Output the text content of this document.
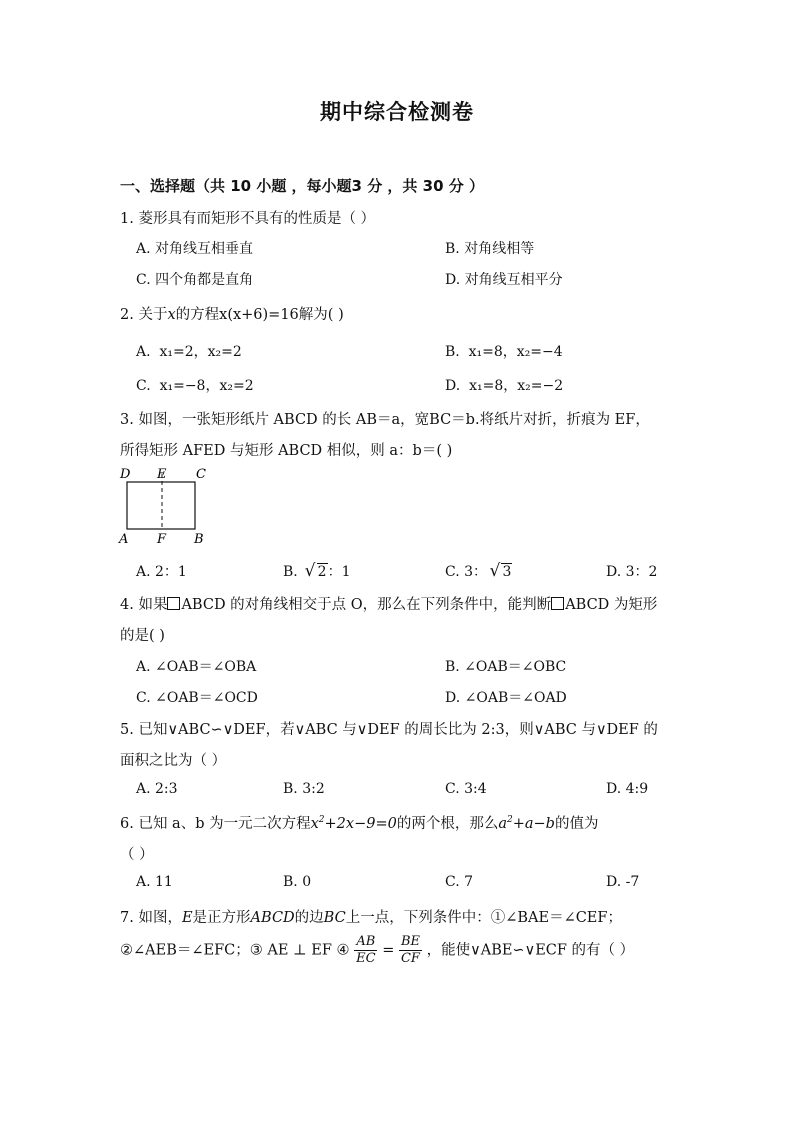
期中综合检测卷
一、选择题（共 10 小题 ，每小题3 分 ，共 30 分 ）
1. 菱形具有而矩形不具有的性质是（ ）
A. 对角线互相垂直	B. 对角线相等
C. 四个角都是直角	D. 对角线互相平分
2. 关于x的方程x(x+6)=16解为( )
A. x₁=2，x₂=2	B. x₁=8，x₂=−4
C. x₁=−8，x₂=2	D. x₁=8，x₂=−2
3. 如图，一张矩形纸片 ABCD 的长 AB＝a，宽BC＝b.将纸片对折，折痕为 EF，
所得矩形 AFED 与矩形 ABCD 相似，则 a：b＝( )
D E C
A F B
A. 2：1	B. √ 2：1	C. 3： √ 3	D. 3：2
4. 如果 ABCD 的对角线相交于点 O，那么在下列条件中，能判断 ABCD 为矩形
的是( )
A. ∠OAB＝∠OBA	B. ∠OAB＝∠OBC
C. ∠OAB＝∠OCD	D. ∠OAB＝∠OAD
5. 已知∨ABC∽∨DEF，若∨ABC 与∨DEF 的周长比为 2:3，则∨ABC 与∨DEF 的
面积之比为（ ）
A. 2:3	B. 3:2	C. 3:4	D. 4:9
6. 已知 a、b 为一元二次方程$x^2+2x-9=0$的两个根，那么$a^2+a-b$的值为
（ ）
A. 11	B. 0	C. 7	D. -7
7. 如图，E是正方形ABCD的边BC上一点，下列条件中：①∠BAE＝∠CEF；
②∠AEB＝∠EFC；③ AE ⊥ EF ④ $\frac{AB}{EC} = \frac{BE}{CF}$ ，能使∨ABE∽∨ECF 的有（ ）
